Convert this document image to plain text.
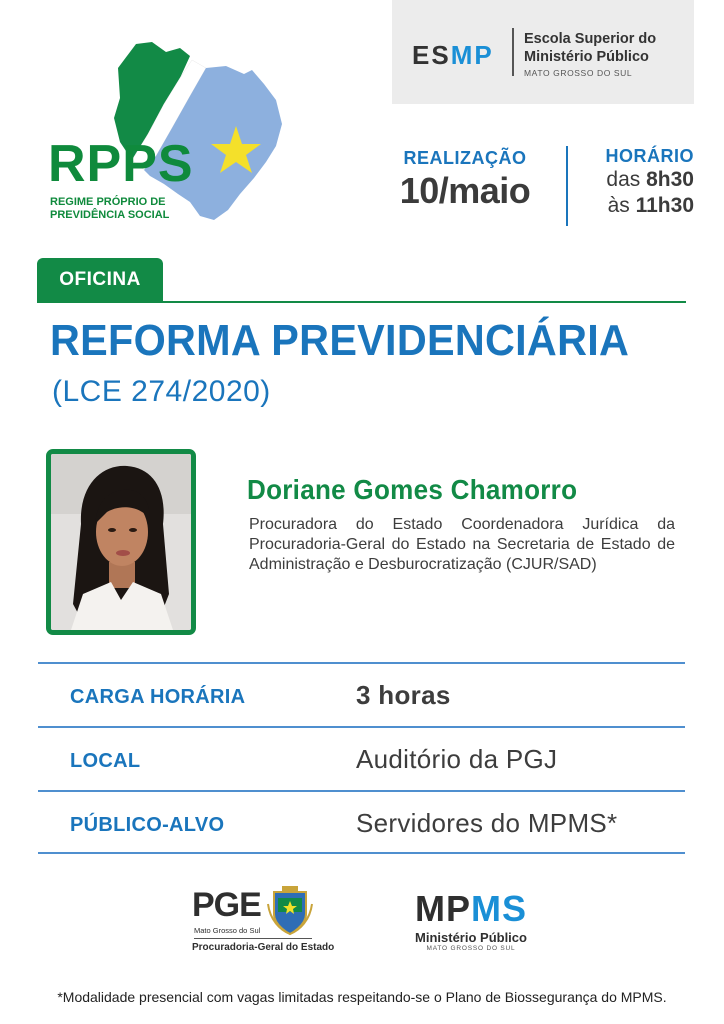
RPPS
REGIME PRÓPRIO DE
PREVIDÊNCIA SOCIAL
ESMP
Escola Superior do
Ministério Público
MATO GROSSO DO SUL
REALIZAÇÃO
10/maio
HORÁRIO
das 8h30
às 11h30
OFICINA
REFORMA PREVIDENCIÁRIA
(LCE 274/2020)
Doriane Gomes Chamorro
Procuradora do Estado Coordenadora Jurídica da Procuradoria-Geral do Estado na Secretaria de Estado de Administração e Desburocratização (CJUR/SAD)
CARGA HORÁRIA	3 horas
LOCAL	Auditório da PGJ
PÚBLICO-ALVO	Servidores do MPMS*
PGE
Mato Grosso do Sul
Procuradoria-Geral do Estado
MPMS
Ministério Público
MATO GROSSO DO SUL
*Modalidade presencial com vagas limitadas respeitando-se o Plano de Biossegurança do MPMS.
